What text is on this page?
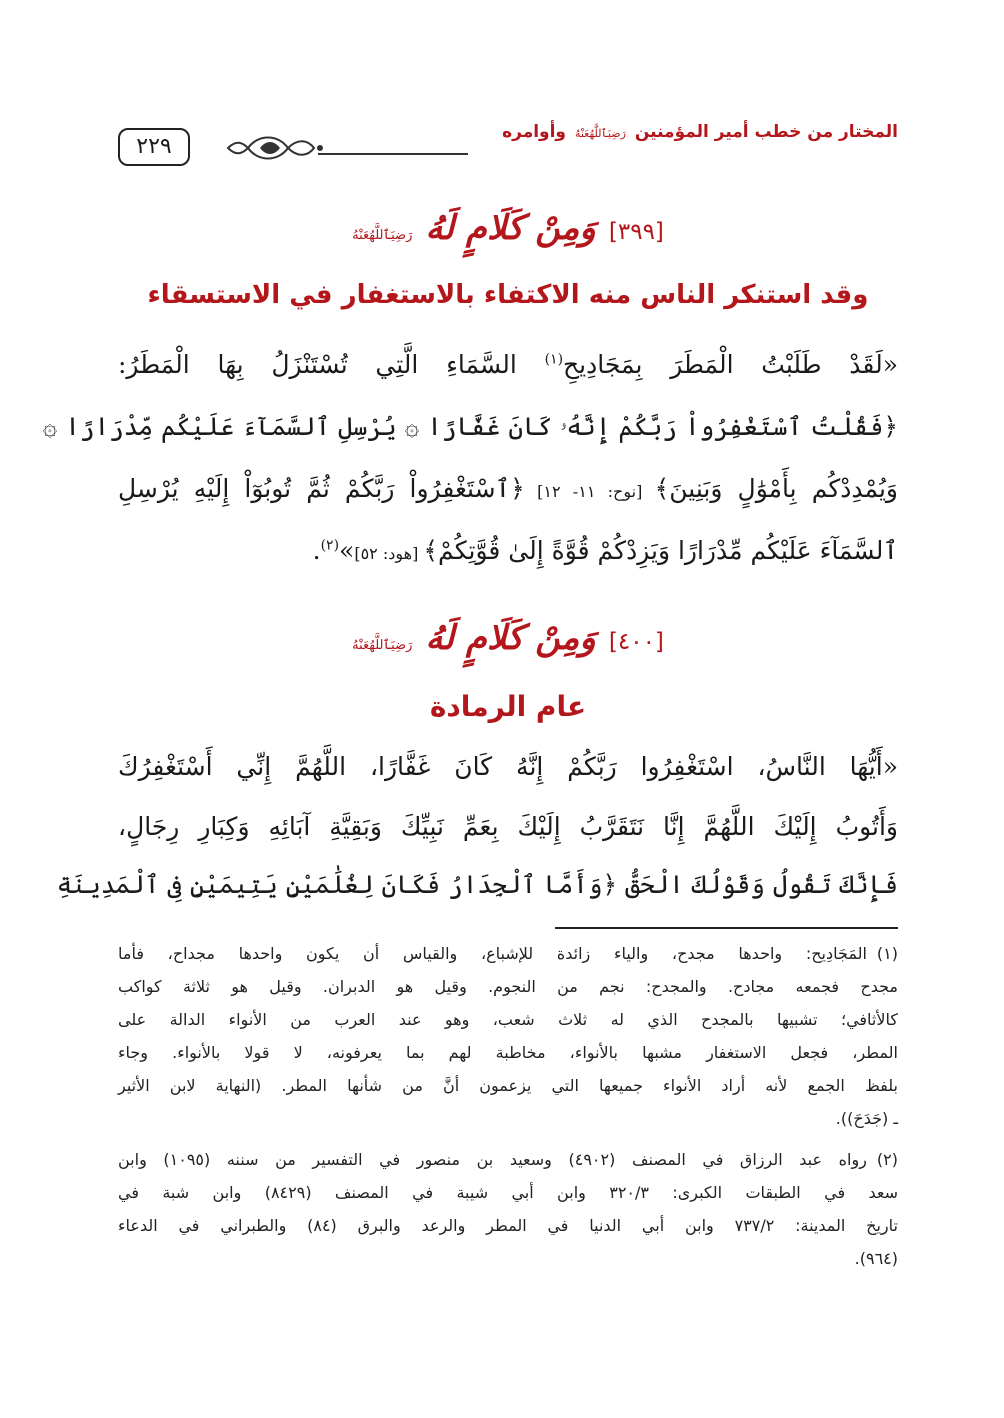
٢٢٩
المختار من خطب أمير المؤمنين رَضِيَٱللَّهُعَنْهُ وأوامره
[٣٩٩] وَمِنْ كَلَامٍ لَهُ رَضِيَٱللَّهُعَنْهُ
وقد استنكر الناس منه الاكتفاء بالاستغفار في الاستسقاء
«لَقَدْ طَلَبْتُ الْمَطَرَ بِمَجَادِيحِ$^{(١)}$ السَّمَاءِ الَّتِي تُسْتَنْزَلُ بِهَا الْمَطَرُ:
﴿فَقُلْتُ ٱسْتَغْفِرُواْ رَبَّكُمْ إِنَّهُۥ كَانَ غَفَّارًا ۞ يُرْسِلِ ٱلسَّمَآءَ عَلَيْكُم مِّدْرَارًا ۞
وَيُمْدِدْكُم بِأَمْوَٰلٍ وَبَنِينَ﴾ [نوح: ١١- ١٢] ﴿ٱسْتَغْفِرُواْ رَبَّكُمْ ثُمَّ تُوبُوٓاْ إِلَيْهِ يُرْسِلِ
ٱلسَّمَآءَ عَلَيْكُم مِّدْرَارًا وَيَزِدْكُمْ قُوَّةً إِلَىٰ قُوَّتِكُمْ﴾ [هود: ٥٢]»$^{(٢)}$.
[٤٠٠] وَمِنْ كَلَامٍ لَهُ رَضِيَٱللَّهُعَنْهُ
عام الرمادة
«أَيُّهَا النَّاسُ، اسْتَغْفِرُوا رَبَّكُمْ إِنَّهُ كَانَ غَفَّارًا، اللَّهُمَّ إِنِّي أَسْتَغْفِرُكَ
وَأَتُوبُ إِلَيْكَ اللَّهُمَّ إِنَّا نَتَقَرَّبُ إِلَيْكَ بِعَمِّ نَبِيِّكَ وَبَقِيَّةِ آبَائِهِ وَكِبَارِ رِجَالٍ،
فَإِنَّكَ تَقُولُ وَقَوْلُكَ الْحَقُّ ﴿وَأَمَّا ٱلْجِدَارُ فَكَانَ لِغُلَٰمَيْنِ يَتِيمَيْنِ فِى ٱلْمَدِينَةِ
(١)المَجَادِيح: واحدها مجدح، والياء زائدة للإشباع، والقياس أن يكون واحدها مجداح، فأما
مجدح فجمعه مجادح. والمجدح: نجم من النجوم. وقيل هو الدبران. وقيل هو ثلاثة كواكب
كالأثافي؛ تشبيها بالمجدح الذي له ثلاث شعب، وهو عند العرب من الأنواء الدالة على
المطر، فجعل الاستغفار مشبها بالأنواء، مخاطبة لهم بما يعرفونه، لا قولا بالأنواء. وجاء
بلفظ الجمع لأنه أراد الأنواء جميعها التي يزعمون أنَّ من شأنها المطر. (النهاية لابن الأثير
ـ (جَدَحَ)).
(٢)رواه عبد الرزاق في المصنف (٤٩٠٢) وسعيد بن منصور في التفسير من سننه (١٠٩٥) وابن
سعد في الطبقات الكبرى: ٣٢٠/٣ وابن أبي شيبة في المصنف (٨٤٢٩) وابن شبة في
تاريخ المدينة: ٧٣٧/٢ وابن أبي الدنيا في المطر والرعد والبرق (٨٤) والطبراني في الدعاء
(٩٦٤).
